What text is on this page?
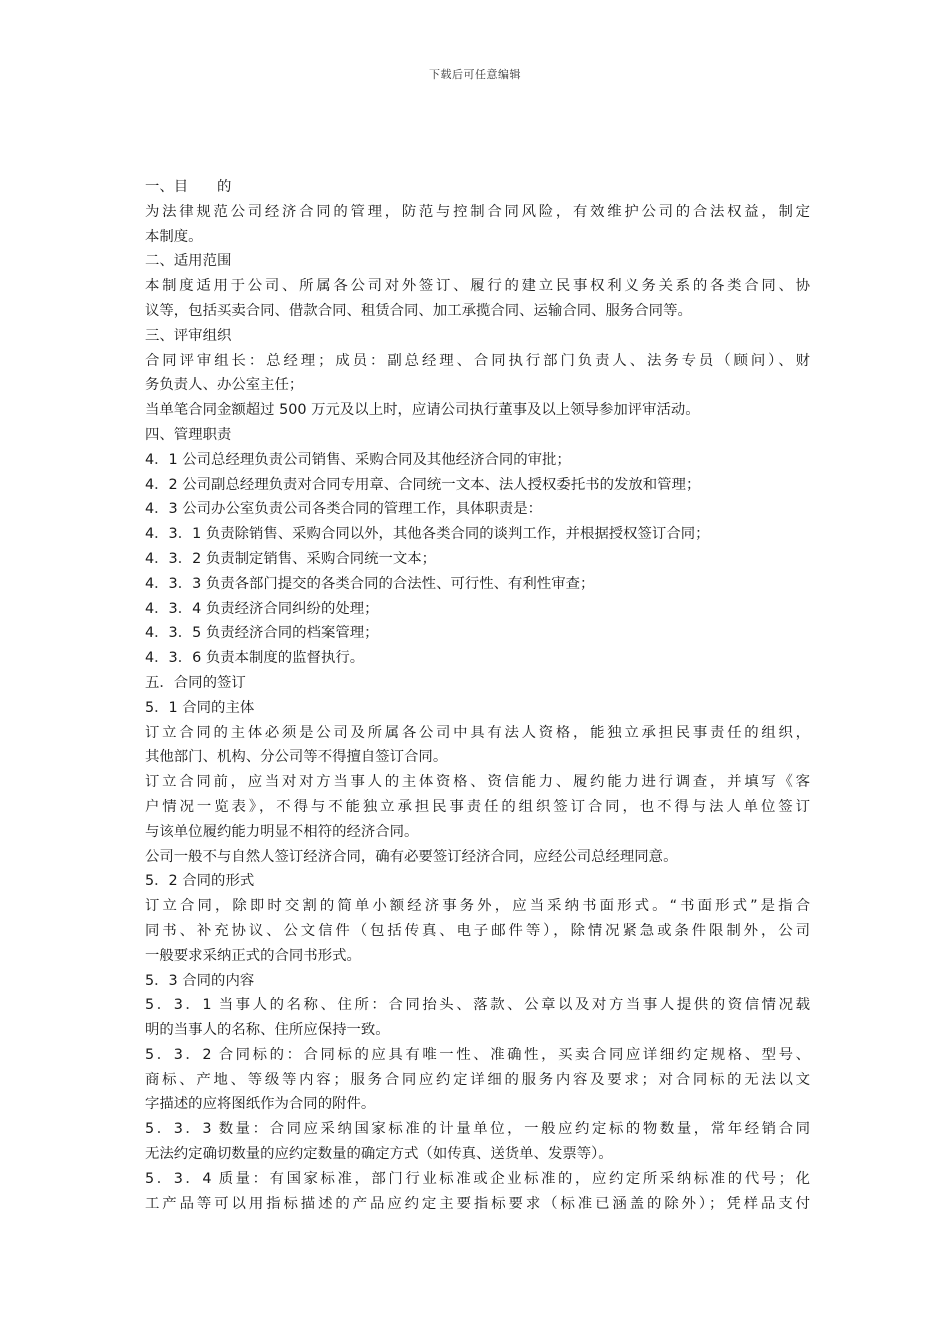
下载后可任意编辑
一、目　　的
为法律规范公司经济合同的管理，防范与控制合同风险，有效维护公司的合法权益，制定
本制度。
二、适用范围
本制度适用于公司、所属各公司对外签订、履行的建立民事权利义务关系的各类合同、协
议等，包括买卖合同、借款合同、租赁合同、加工承揽合同、运输合同、服务合同等。
三、评审组织
合同评审组长：总经理；成员：副总经理、合同执行部门负责人、法务专员（顾问）、财
务负责人、办公室主任；
当单笔合同金额超过 500 万元及以上时，应请公司执行董事及以上领导参加评审活动。
四、管理职责
4．1 公司总经理负责公司销售、采购合同及其他经济合同的审批；
4．2 公司副总经理负责对合同专用章、合同统一文本、法人授权委托书的发放和管理；
4．3 公司办公室负责公司各类合同的管理工作，具体职责是：
4．3．1 负责除销售、采购合同以外，其他各类合同的谈判工作，并根据授权签订合同；
4．3．2 负责制定销售、采购合同统一文本；
4．3．3 负责各部门提交的各类合同的合法性、可行性、有利性审查；
4．3．4 负责经济合同纠纷的处理；
4．3．5 负责经济合同的档案管理；
4．3．6 负责本制度的监督执行。
五．合同的签订
5．1 合同的主体
订立合同的主体必须是公司及所属各公司中具有法人资格，能独立承担民事责任的组织，
其他部门、机构、分公司等不得擅自签订合同。
订立合同前，应当对对方当事人的主体资格、资信能力、履约能力进行调查，并填写《客
户情况一览表》，不得与不能独立承担民事责任的组织签订合同，也不得与法人单位签订
与该单位履约能力明显不相符的经济合同。
公司一般不与自然人签订经济合同，确有必要签订经济合同，应经公司总经理同意。
5．2 合同的形式
订立合同，除即时交割的简单小额经济事务外，应当采纳书面形式。“书面形式”是指合
同书、补充协议、公文信件（包括传真、电子邮件等），除情况紧急或条件限制外，公司
一般要求采纳正式的合同书形式。
5．3 合同的内容
5．3．1 当事人的名称、住所：合同抬头、落款、公章以及对方当事人提供的资信情况载
明的当事人的名称、住所应保持一致。
5．3．2 合同标的：合同标的应具有唯一性、准确性，买卖合同应详细约定规格、型号、
商标、产地、等级等内容；服务合同应约定详细的服务内容及要求；对合同标的无法以文
字描述的应将图纸作为合同的附件。
5．3．3 数量：合同应采纳国家标准的计量单位，一般应约定标的物数量，常年经销合同
无法约定确切数量的应约定数量的确定方式（如传真、送货单、发票等）。
5．3．4 质量：有国家标准，部门行业标准或企业标准的，应约定所采纳标准的代号；化
工产品等可以用指标描述的产品应约定主要指标要求（标准已涵盖的除外）；凭样品支付
